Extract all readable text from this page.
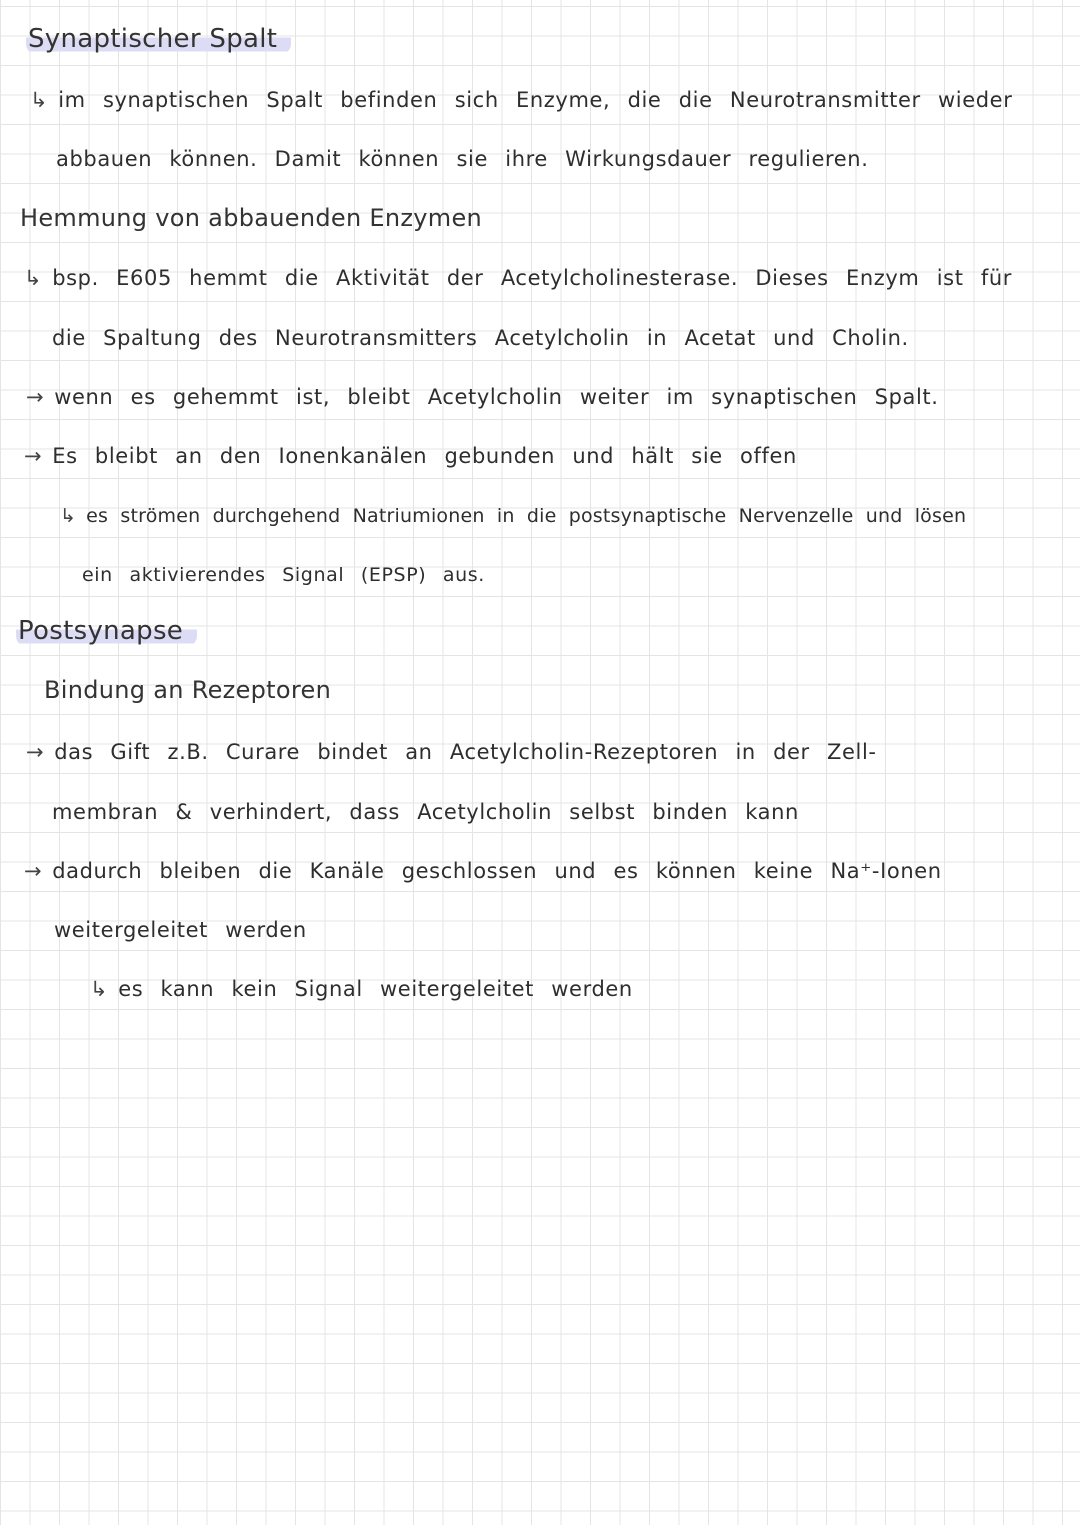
Synaptischer Spalt
↳ im synaptischen Spalt befinden sich Enzyme, die die Neurotransmitter wieder
abbauen können. Damit können sie ihre Wirkungsdauer regulieren.
Hemmung von abbauenden Enzymen
↳ bsp. E605 hemmt die Aktivität der Acetylcholinesterase. Dieses Enzym ist für
die Spaltung des Neurotransmitters Acetylcholin in Acetat und Cholin.
→ wenn es gehemmt ist, bleibt Acetylcholin weiter im synaptischen Spalt.
→ Es bleibt an den Ionenkanälen gebunden und hält sie offen
↳ es strömen durchgehend Natriumionen in die postsynaptische Nervenzelle und lösen
ein aktivierendes Signal (EPSP) aus.
Postsynapse
Bindung an Rezeptoren
→ das Gift z.B. Curare bindet an Acetylcholin-Rezeptoren in der Zell-
membran & verhindert, dass Acetylcholin selbst binden kann
→ dadurch bleiben die Kanäle geschlossen und es können keine Na⁺-Ionen
weitergeleitet werden
↳ es kann kein Signal weitergeleitet werden
